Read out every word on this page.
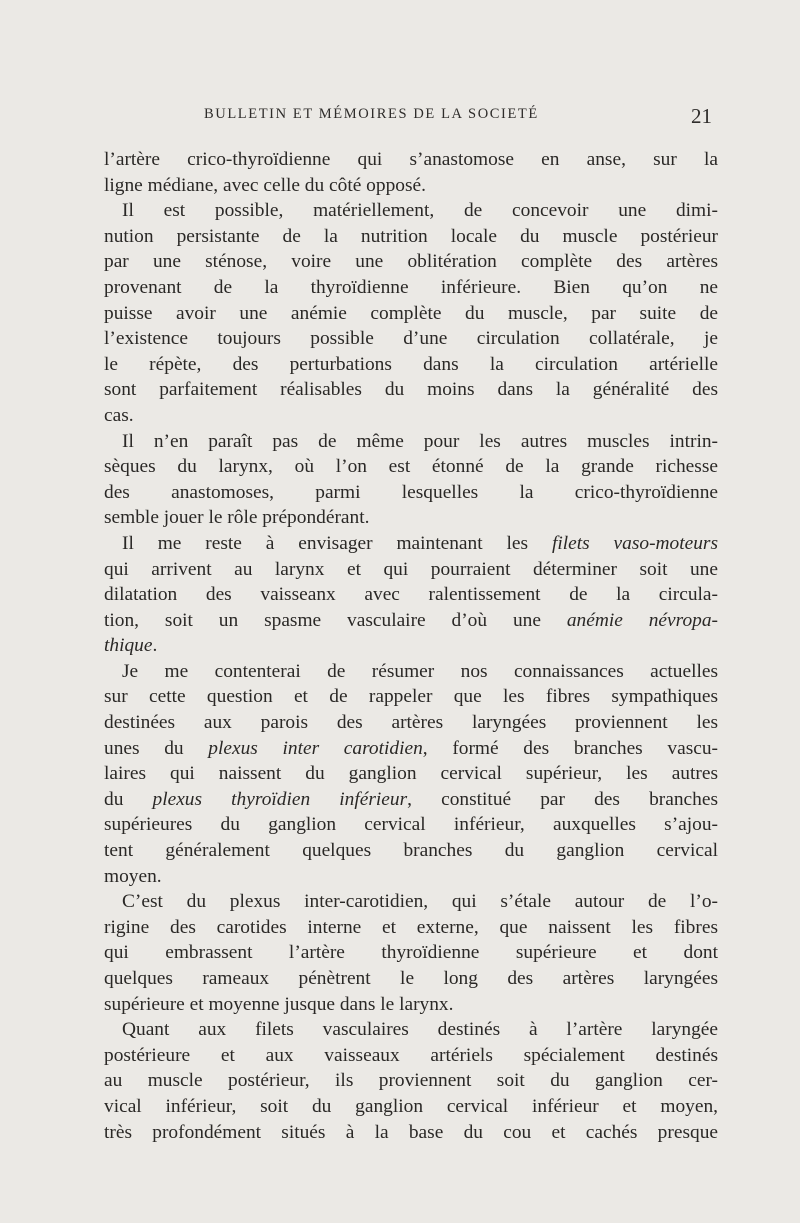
BULLETIN ET MÉMOIRES DE LA SOCIETÉ	21
l’artère crico-thyroïdienne qui s’anastomose en anse, sur la
ligne médiane, avec celle du côté opposé.
Il est possible, matériellement, de concevoir une dimi-
nution persistante de la nutrition locale du muscle postérieur
par une sténose, voire une oblitération complète des artères
provenant de la thyroïdienne inférieure. Bien qu’on ne
puisse avoir une anémie complète du muscle, par suite de
l’existence toujours possible d’une circulation collatérale, je
le répète, des perturbations dans la circulation artérielle
sont parfaitement réalisables du moins dans la généralité des
cas.
Il n’en paraît pas de même pour les autres muscles intrin-
sèques du larynx, où l’on est étonné de la grande richesse
des anastomoses, parmi lesquelles la crico-thyroïdienne
semble jouer le rôle prépondérant.
Il me reste à envisager maintenant les filets vaso-moteurs
qui arrivent au larynx et qui pourraient déterminer soit une
dilatation des vaisseanx avec ralentissement de la circula-
tion, soit un spasme vasculaire d’où une anémie névropa-
thique.
Je me contenterai de résumer nos connaissances actuelles
sur cette question et de rappeler que les fibres sympathiques
destinées aux parois des artères laryngées proviennent les
unes du plexus inter carotidien, formé des branches vascu-
laires qui naissent du ganglion cervical supérieur, les autres
du plexus thyroïdien inférieur, constitué par des branches
supérieures du ganglion cervical inférieur, auxquelles s’ajou-
tent généralement quelques branches du ganglion cervical
moyen.
C’est du plexus inter-carotidien, qui s’étale autour de l’o-
rigine des carotides interne et externe, que naissent les fibres
qui embrassent l’artère thyroïdienne supérieure et dont
quelques rameaux pénètrent le long des artères laryngées
supérieure et moyenne jusque dans le larynx.
Quant aux filets vasculaires destinés à l’artère laryngée
postérieure et aux vaisseaux artériels spécialement destinés
au muscle postérieur, ils proviennent soit du ganglion cer-
vical inférieur, soit du ganglion cervical inférieur et moyen,
très profondément situés à la base du cou et cachés presque
